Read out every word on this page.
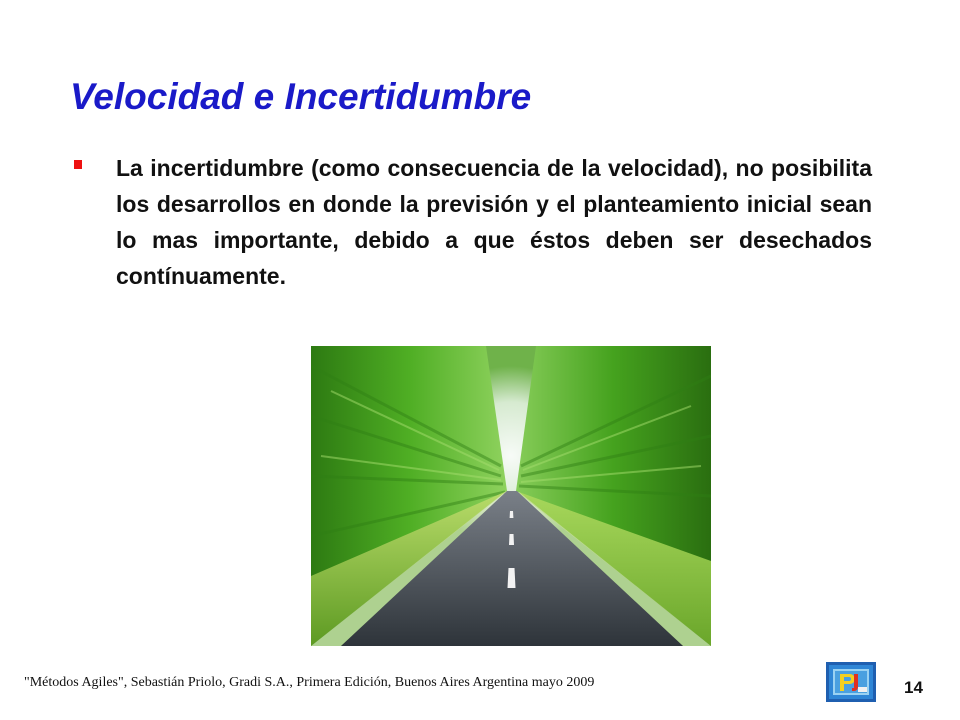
Velocidad e Incertidumbre

La incertidumbre (como consecuencia de la velocidad), no posibilita los desarrollos en donde la previsión y el planteamiento inicial sean lo mas importante, debido a que éstos deben ser desechados contínuamente.

"Métodos Agiles", Sebastián Priolo, Gradi S.A., Primera Edición, Buenos Aires Argentina mayo 2009	14
